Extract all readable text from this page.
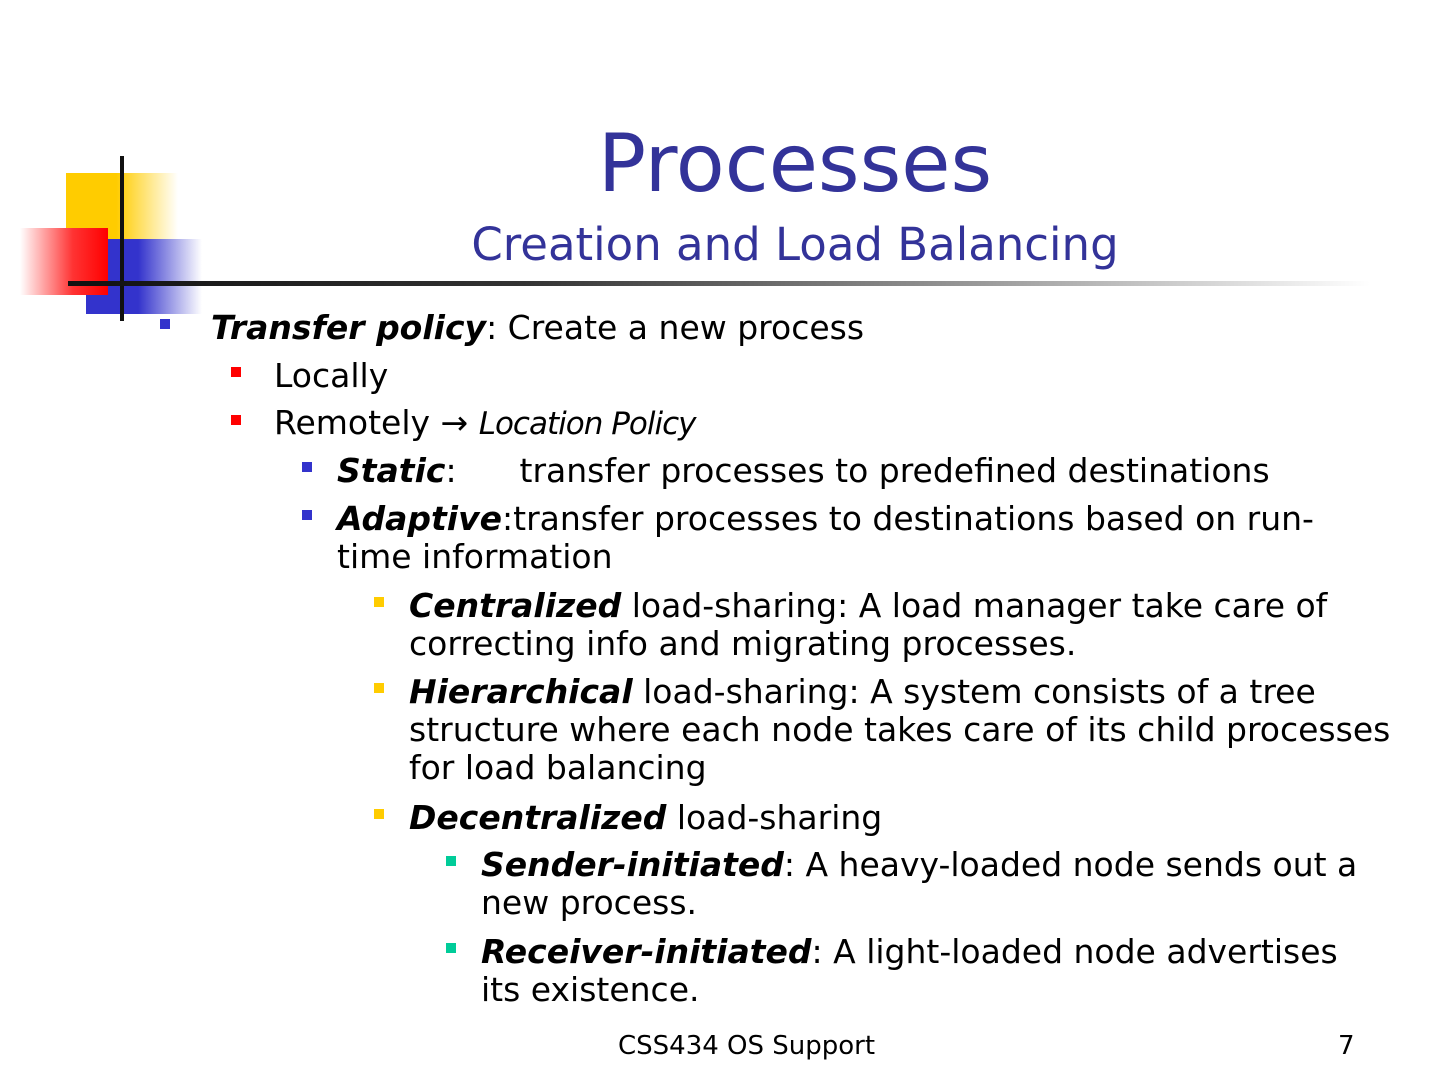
Processes
Creation and Load Balancing

Transfer policy: Create a new process

Locally

Remotely → Location Policy

Static:      transfer processes to predefined destinations

Adaptive:transfer processes to destinations based on run-time information

Centralized load-sharing: A load manager take care of correcting info and migrating processes.

Hierarchical load-sharing: A system consists of a tree structure where each node takes care of its child processes for load balancing

Decentralized load-sharing

Sender-initiated: A heavy-loaded node sends out a new process.

Receiver-initiated: A light-loaded node advertises its existence.

CSS434 OS Support	7
